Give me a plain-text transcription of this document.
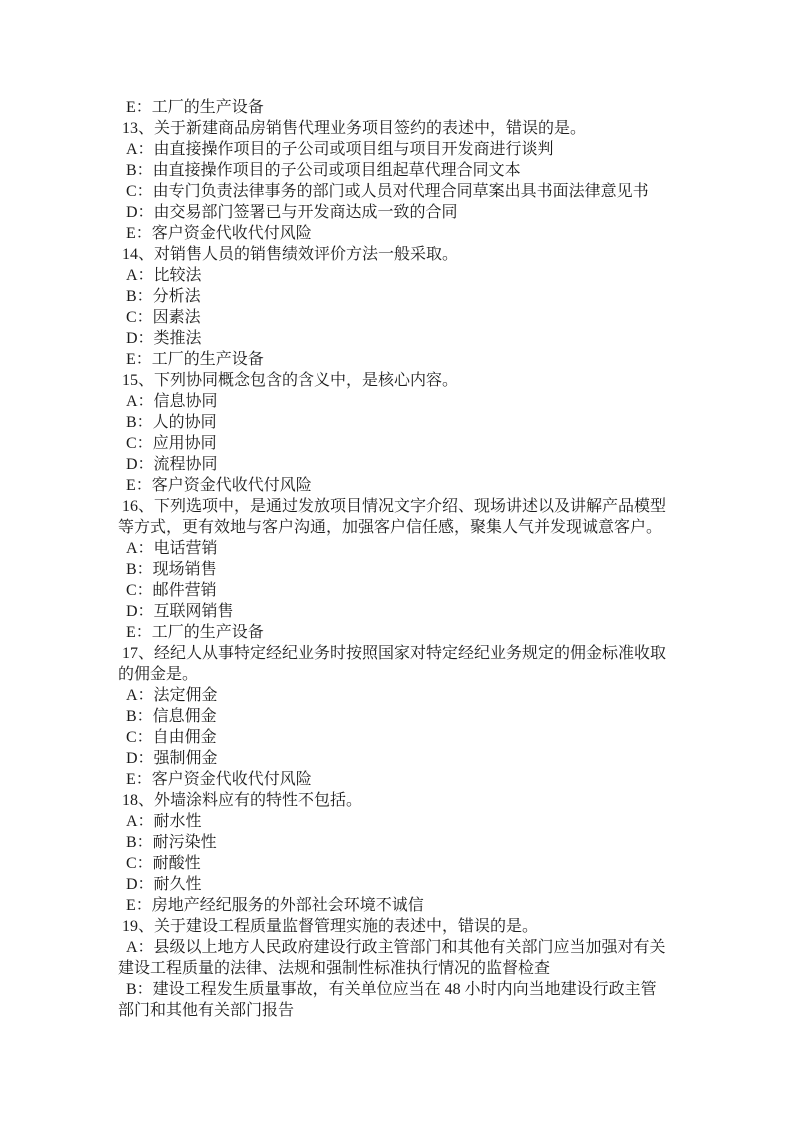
E：工厂的生产设备

13、关于新建商品房销售代理业务项目签约的表述中，错误的是。

A：由直接操作项目的子公司或项目组与项目开发商进行谈判

B：由直接操作项目的子公司或项目组起草代理合同文本

C：由专门负责法律事务的部门或人员对代理合同草案出具书面法律意见书

D：由交易部门签署已与开发商达成一致的合同

E：客户资金代收代付风险

14、对销售人员的销售绩效评价方法一般采取。

A：比较法

B：分析法

C：因素法

D：类推法

E：工厂的生产设备

15、下列协同概念包含的含义中，是核心内容。

A：信息协同

B：人的协同

C：应用协同

D：流程协同

E：客户资金代收代付风险

16、下列选项中，是通过发放项目情况文字介绍、现场讲述以及讲解产品模型等方式，更有效地与客户沟通，加强客户信任感，聚集人气并发现诚意客户。

A：电话营销

B：现场销售

C：邮件营销

D：互联网销售

E：工厂的生产设备

17、经纪人从事特定经纪业务时按照国家对特定经纪业务规定的佣金标准收取的佣金是。

A：法定佣金

B：信息佣金

C：自由佣金

D：强制佣金

E：客户资金代收代付风险

18、外墙涂料应有的特性不包括。

A：耐水性

B：耐污染性

C：耐酸性

D：耐久性

E：房地产经纪服务的外部社会环境不诚信

19、关于建设工程质量监督管理实施的表述中，错误的是。

A：县级以上地方人民政府建设行政主管部门和其他有关部门应当加强对有关建设工程质量的法律、法规和强制性标准执行情况的监督检查

B：建设工程发生质量事故，有关单位应当在 48 小时内向当地建设行政主管部门和其他有关部门报告
